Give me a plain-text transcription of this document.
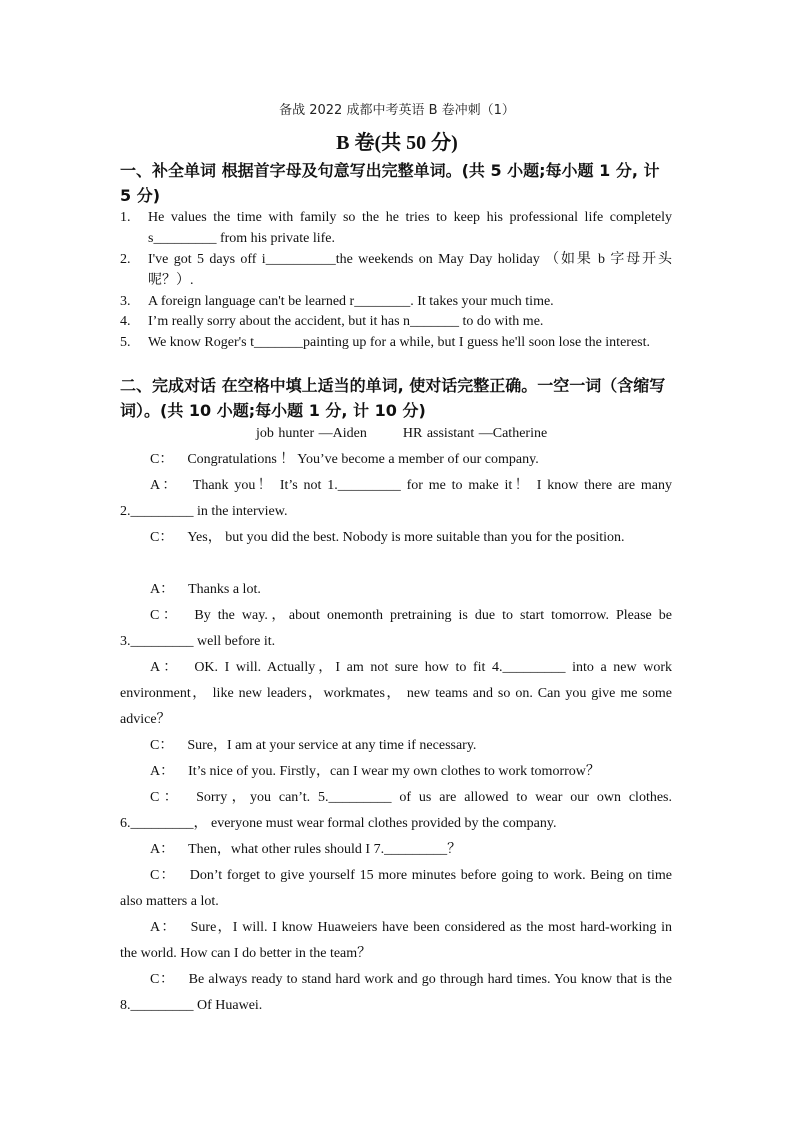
备战 2022 成都中考英语 B 卷冲刺（1）
B 卷(共 50 分)
一、补全单词 根据首字母及句意写出完整单词。(共 5 小题;每小题 1 分, 计 5 分)
1. He values the time with family so the he tries to keep his professional life completely s_________ from his private life.
2. I've got 5 days off i__________the weekends on May Day holiday （如果 b 字母开头呢？）.
3. A foreign language can't be learned r________. It takes your much time.
4. I’m really sorry about the accident, but it has n_______ to do with me.
5. We know Roger's t_______painting up for a while, but I guess he'll soon lose the interest.
二、完成对话 在空格中填上适当的单词, 使对话完整正确。一空一词（含缩写词）。(共 10 小题;每小题 1 分, 计 10 分)
job hunter —Aiden        HR assistant —Catherine
C： Congratulations ！ You’ve become a member of our company.
A： Thank you！ It’s not 1._________ for me to make it！ I know there are many 2._________ in the interview.
C： Yes， but you did the best. Nobody is more suitable than you for the position.
A： Thanks a lot.
C： By the way.，about onemonth pretraining is due to start tomorrow. Please be 3._________ well before it.
A： OK. I will. Actually，I am not sure how to fit 4._________ into a new work environment， like new leaders，workmates， new teams and so on. Can you give me some advice？
C： Sure，I am at your service at any time if necessary.
A： It’s nice of you. Firstly，can I wear my own clothes to work tomorrow？
C： Sorry，you can’t. 5._________ of us are allowed to wear our own clothes. 6._________， everyone must wear formal clothes provided by the company.
A： Then，what other rules should I 7._________？
C： Don’t forget to give yourself 15 more minutes before going to work. Being on time also matters a lot.
A： Sure，I will. I know Huaweiers have been considered as the most hard-working in the world. How can I do better in the team？
C： Be always ready to stand hard work and go through hard times. You know that is the 8._________ Of Huawei.
